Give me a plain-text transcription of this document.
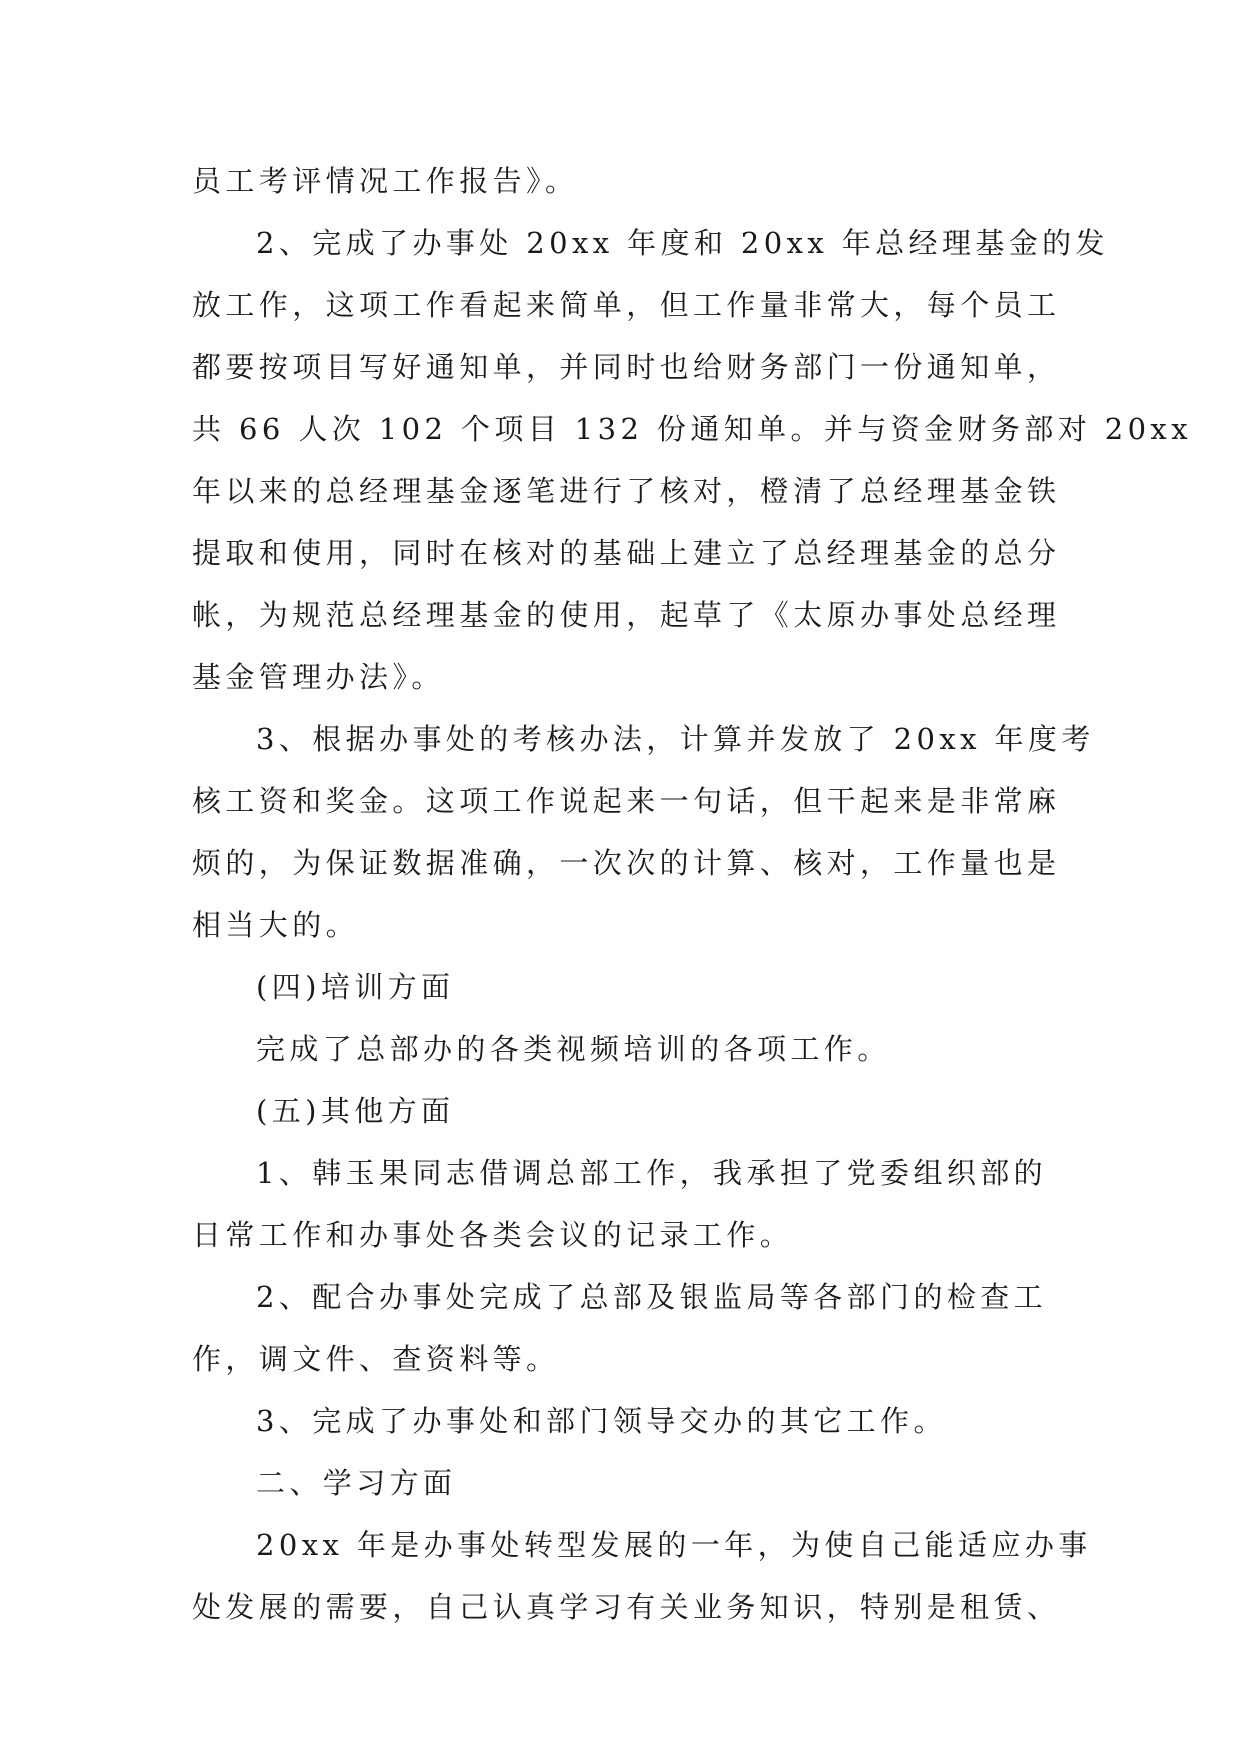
员工考评情况工作报告》。
2、完成了办事处 20xx 年度和 20xx 年总经理基金的发
放工作，这项工作看起来简单，但工作量非常大，每个员工
都要按项目写好通知单，并同时也给财务部门一份通知单，
共 66 人次 102 个项目 132 份通知单。并与资金财务部对 20xx
年以来的总经理基金逐笔进行了核对，橙清了总经理基金铁
提取和使用，同时在核对的基础上建立了总经理基金的总分
帐，为规范总经理基金的使用，起草了《太原办事处总经理
基金管理办法》。
3、根据办事处的考核办法，计算并发放了 20xx 年度考
核工资和奖金。这项工作说起来一句话，但干起来是非常麻
烦的，为保证数据准确，一次次的计算、核对，工作量也是
相当大的。
(四)培训方面
完成了总部办的各类视频培训的各项工作。
(五)其他方面
1、韩玉果同志借调总部工作，我承担了党委组织部的
日常工作和办事处各类会议的记录工作。
2、配合办事处完成了总部及银监局等各部门的检查工
作，调文件、查资料等。
3、完成了办事处和部门领导交办的其它工作。
二、学习方面
20xx 年是办事处转型发展的一年，为使自己能适应办事
处发展的需要，自己认真学习有关业务知识，特别是租赁、
